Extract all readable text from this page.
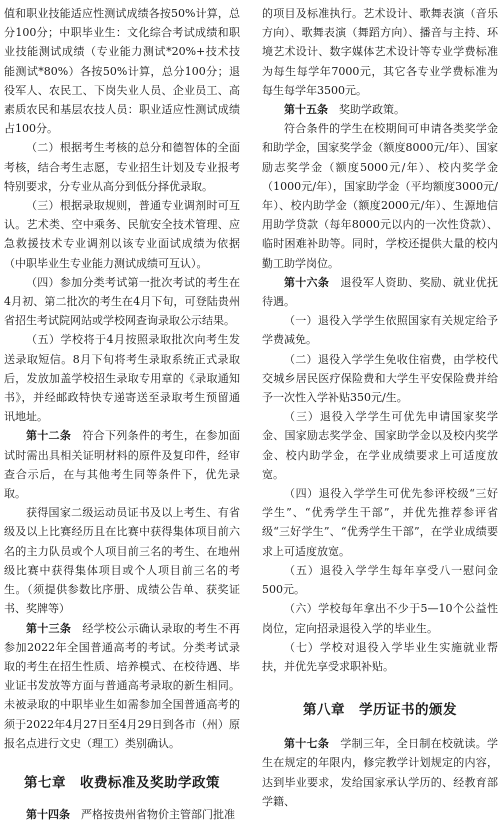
值和职业技能适应性测试成绩各按50%计算，总分100分；中职毕业生：文化综合考试成绩和职业技能测试成绩（专业能力测试*20%+技术技能测试*80%）各按50%计算，总分100分；退役军人、农民工、下岗失业人员、企业员工、高素质农民和基层农技人员：职业适应性测试成绩占100分。

（二）根据考生考核的总分和德智体的全面考核，结合考生志愿，专业招生计划及专业报考特别要求，分专业从高分到低分择优录取。

（三）根据录取规则，普通专业调剂时可互认。艺术类、空中乘务、民航安全技术管理、应急救援技术专业调剂以该专业面试成绩为依据（中职毕业生专业能力测试成绩可互认）。

（四）参加分类考试第一批次考试的考生在4月初、第二批次的考生在4月下旬，可登陆贵州省招生考试院网站或学校网查询录取公示结果。

（五）学校将于4月按照录取批次向考生发送录取短信。8月下旬将考生录取系统正式录取后，发放加盖学校招生录取专用章的《录取通知书》，并经邮政特快专递寄送至录取考生预留通讯地址。

第十二条　 符合下列条件的考生，在参加面试时需出具相关证明材料的原件及复印件，经审查合示后，在与其他考生同等条件下，优先录取。

获得国家二级运动员证书及以上考生、有省级及以上比赛经历且在比赛中获得集体项目前六名的主力队员或个人项目前三名的考生、在地州级比赛中获得集体项目或个人项目前三名的考生。（须提供参数比序册、成绩公告单、获奖证书、奖牌等）

第十三条　 经学校公示确认录取的考生不再参加2022年全国普通高考的考试。分类考试录取的考生在招生性质、培养模式、在校待遇、毕业证书发放等方面与普通高考录取的新生相同。未被录取的中职毕业生如需参加全国普通高考的须于2022年4月27日至4月29日到各市（州）原报名点进行文史（理工）类别确认。

第七章　收费标准及奖助学政策

第十四条　 严格按贵州省物价主管部门批准

的项目及标准执行。艺术设计、歌舞表演（音乐方向）、歌舞表演（舞蹈方向）、播音与主持、环境艺术设计、数字媒体艺术设计等专业学费标准为每生每学年7000元，其它各专业学费标准为每生每学年3500元。

第十五条　 奖助学政策。

符合条件的学生在校期间可申请各类奖学金和助学金，国家奖学金（额度8000元/年）、国家励志奖学金（额度5000元/年）、校内奖学金（1000元/年），国家助学金（平均额度3000元/年）、校内助学金（额度2000元/年）、生源地信用助学贷款（每年8000元以内的一次性贷款）、临时困难补助等。同时，学校还提供大量的校内勤工助学岗位。

第十六条　 退役军人资助、奖励、就业优抚待遇。

（一）退役入学学生依照国家有关规定给予学费减免。

（二）退役入学学生免收住宿费，由学校代交城乡居民医疗保险费和大学生平安保险费并给予一次性入学补贴350元/生。

（三）退役入学学生可优先申请国家奖学金、国家励志奖学金、国家助学金以及校内奖学金、校内助学金，在学业成绩要求上可适度放宽。

（四）退役入学学生可优先参评校级“三好学生”、“优秀学生干部”，并优先推荐参评省级“三好学生”、“优秀学生干部”，在学业成绩要求上可适度放宽。

（五）退役入学学生每年享受八一慰问金500元。

（六）学校每年拿出不少于5—10个公益性岗位，定向招录退役入学的毕业生。

（七）学校对退役入学毕业生实施就业帮扶，并优先享受求职补贴。

第八章　学历证书的颁发

第十七条　 学制三年，全日制在校就读。学生在规定的年限内，修完教学计划规定的内容，达到毕业要求，发给国家承认学历的、经教育部学籍、
